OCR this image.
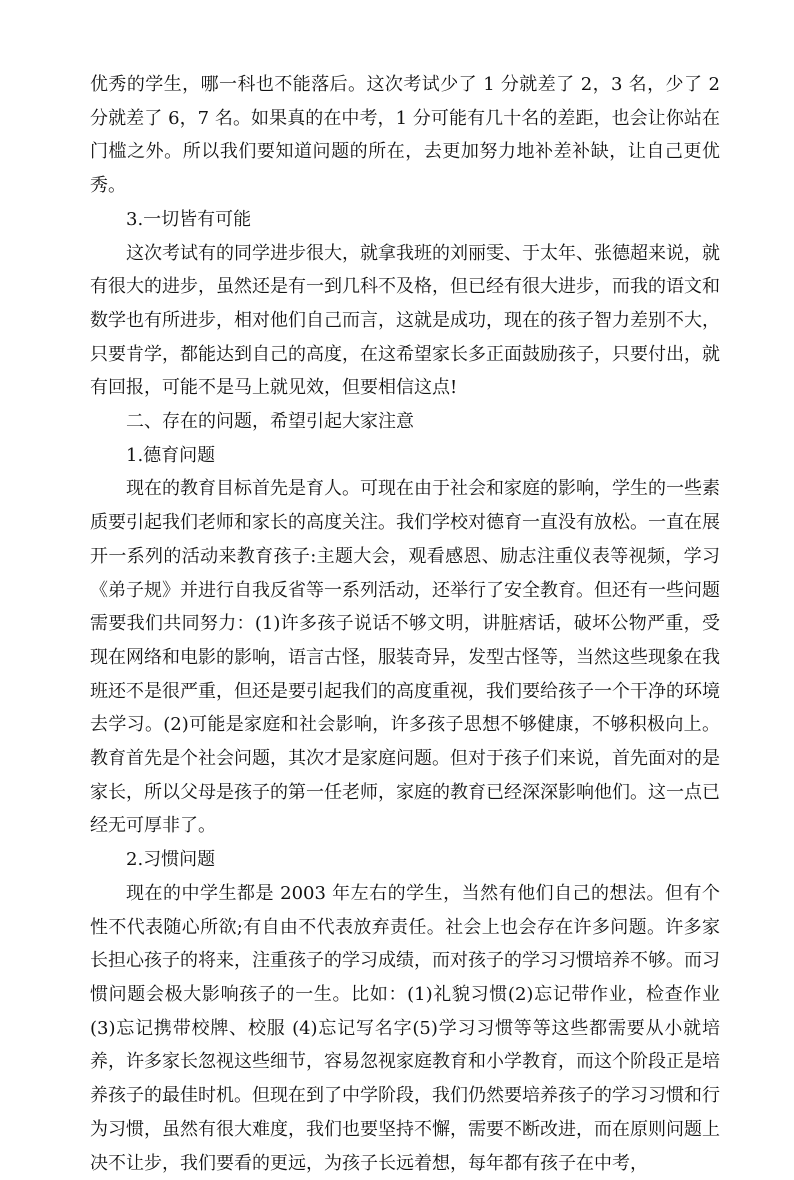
优秀的学生，哪一科也不能落后。这次考试少了 1 分就差了 2，3 名，少了 2 分就差了 6，7 名。如果真的在中考，1 分可能有几十名的差距，也会让你站在门槛之外。所以我们要知道问题的所在，去更加努力地补差补缺，让自己更优秀。

3.一切皆有可能

这次考试有的同学进步很大，就拿我班的刘丽雯、于太年、张德超来说，就有很大的进步，虽然还是有一到几科不及格，但已经有很大进步，而我的语文和数学也有所进步，相对他们自己而言，这就是成功，现在的孩子智力差别不大，只要肯学，都能达到自己的高度，在这希望家长多正面鼓励孩子，只要付出，就有回报，可能不是马上就见效，但要相信这点!

二、存在的问题，希望引起大家注意

1.德育问题

现在的教育目标首先是育人。可现在由于社会和家庭的影响，学生的一些素质要引起我们老师和家长的高度关注。我们学校对德育一直没有放松。一直在展开一系列的活动来教育孩子:主题大会，观看感恩、励志注重仪表等视频，学习《弟子规》并进行自我反省等一系列活动，还举行了安全教育。但还有一些问题需要我们共同努力：(1)许多孩子说话不够文明，讲脏痞话，破坏公物严重，受现在网络和电影的影响，语言古怪，服装奇异，发型古怪等，当然这些现象在我班还不是很严重，但还是要引起我们的高度重视，我们要给孩子一个干净的环境去学习。(2)可能是家庭和社会影响，许多孩子思想不够健康，不够积极向上。教育首先是个社会问题，其次才是家庭问题。但对于孩子们来说，首先面对的是家长，所以父母是孩子的第一任老师，家庭的教育已经深深影响他们。这一点已经无可厚非了。

2.习惯问题

现在的中学生都是 2003 年左右的学生，当然有他们自己的想法。但有个性不代表随心所欲;有自由不代表放弃责任。社会上也会存在许多问题。许多家长担心孩子的将来，注重孩子的学习成绩，而对孩子的学习习惯培养不够。而习惯问题会极大影响孩子的一生。比如：(1)礼貌习惯(2)忘记带作业，检查作业(3)忘记携带校牌、校服 (4)忘记写名字(5)学习习惯等等这些都需要从小就培养，许多家长忽视这些细节，容易忽视家庭教育和小学教育，而这个阶段正是培养孩子的最佳时机。但现在到了中学阶段，我们仍然要培养孩子的学习习惯和行为习惯，虽然有很大难度，我们也要坚持不懈，需要不断改进，而在原则问题上决不让步，我们要看的更远，为孩子长远着想，每年都有孩子在中考，
